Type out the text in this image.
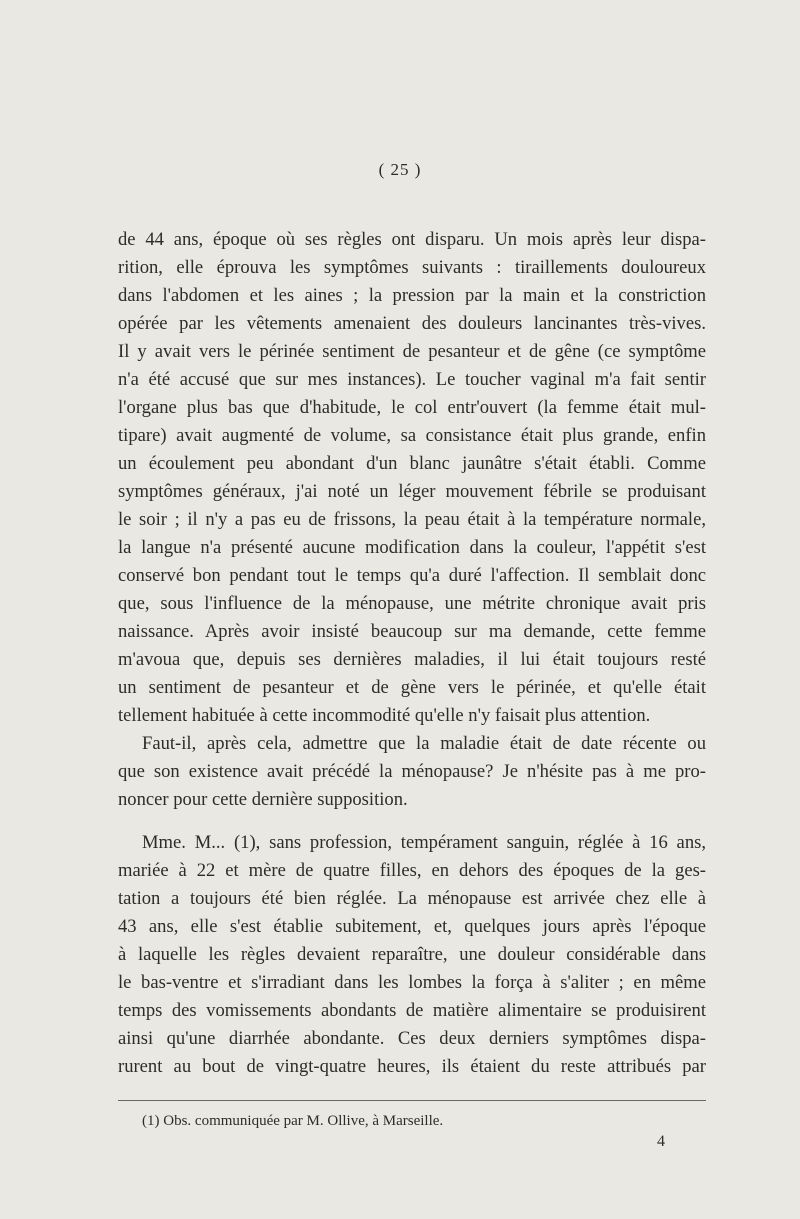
( 25 )
de 44 ans, époque où ses règles ont disparu. Un mois après leur dispa-
rition, elle éprouva les symptômes suivants : tiraillements douloureux
dans l'abdomen et les aines ; la pression par la main et la constriction
opérée par les vêtements amenaient des douleurs lancinantes très-vives.
Il y avait vers le périnée sentiment de pesanteur et de gêne (ce symptôme
n'a été accusé que sur mes instances). Le toucher vaginal m'a fait sentir
l'organe plus bas que d'habitude, le col entr'ouvert (la femme était mul-
tipare) avait augmenté de volume, sa consistance était plus grande, enfin
un écoulement peu abondant d'un blanc jaunâtre s'était établi. Comme
symptômes généraux, j'ai noté un léger mouvement fébrile se produisant
le soir ; il n'y a pas eu de frissons, la peau était à la température normale,
la langue n'a présenté aucune modification dans la couleur, l'appétit s'est
conservé bon pendant tout le temps qu'a duré l'affection. Il semblait donc
que, sous l'influence de la ménopause, une métrite chronique avait pris
naissance. Après avoir insisté beaucoup sur ma demande, cette femme
m'avoua que, depuis ses dernières maladies, il lui était toujours resté
un sentiment de pesanteur et de gène vers le périnée, et qu'elle était
tellement habituée à cette incommodité qu'elle n'y faisait plus attention.
Faut-il, après cela, admettre que la maladie était de date récente ou
que son existence avait précédé la ménopause? Je n'hésite pas à me pro-
noncer pour cette dernière supposition.
Mme. M... (1), sans profession, tempérament sanguin, réglée à 16 ans,
mariée à 22 et mère de quatre filles, en dehors des époques de la ges-
tation a toujours été bien réglée. La ménopause est arrivée chez elle à
43 ans, elle s'est établie subitement, et, quelques jours après l'époque
à laquelle les règles devaient reparaître, une douleur considérable dans
le bas-ventre et s'irradiant dans les lombes la força à s'aliter ; en même
temps des vomissements abondants de matière alimentaire se produisirent
ainsi qu'une diarrhée abondante. Ces deux derniers symptômes dispa-
rurent au bout de vingt-quatre heures, ils étaient du reste attribués par
(1) Obs. communiquée par M. Ollive, à Marseille.
4
